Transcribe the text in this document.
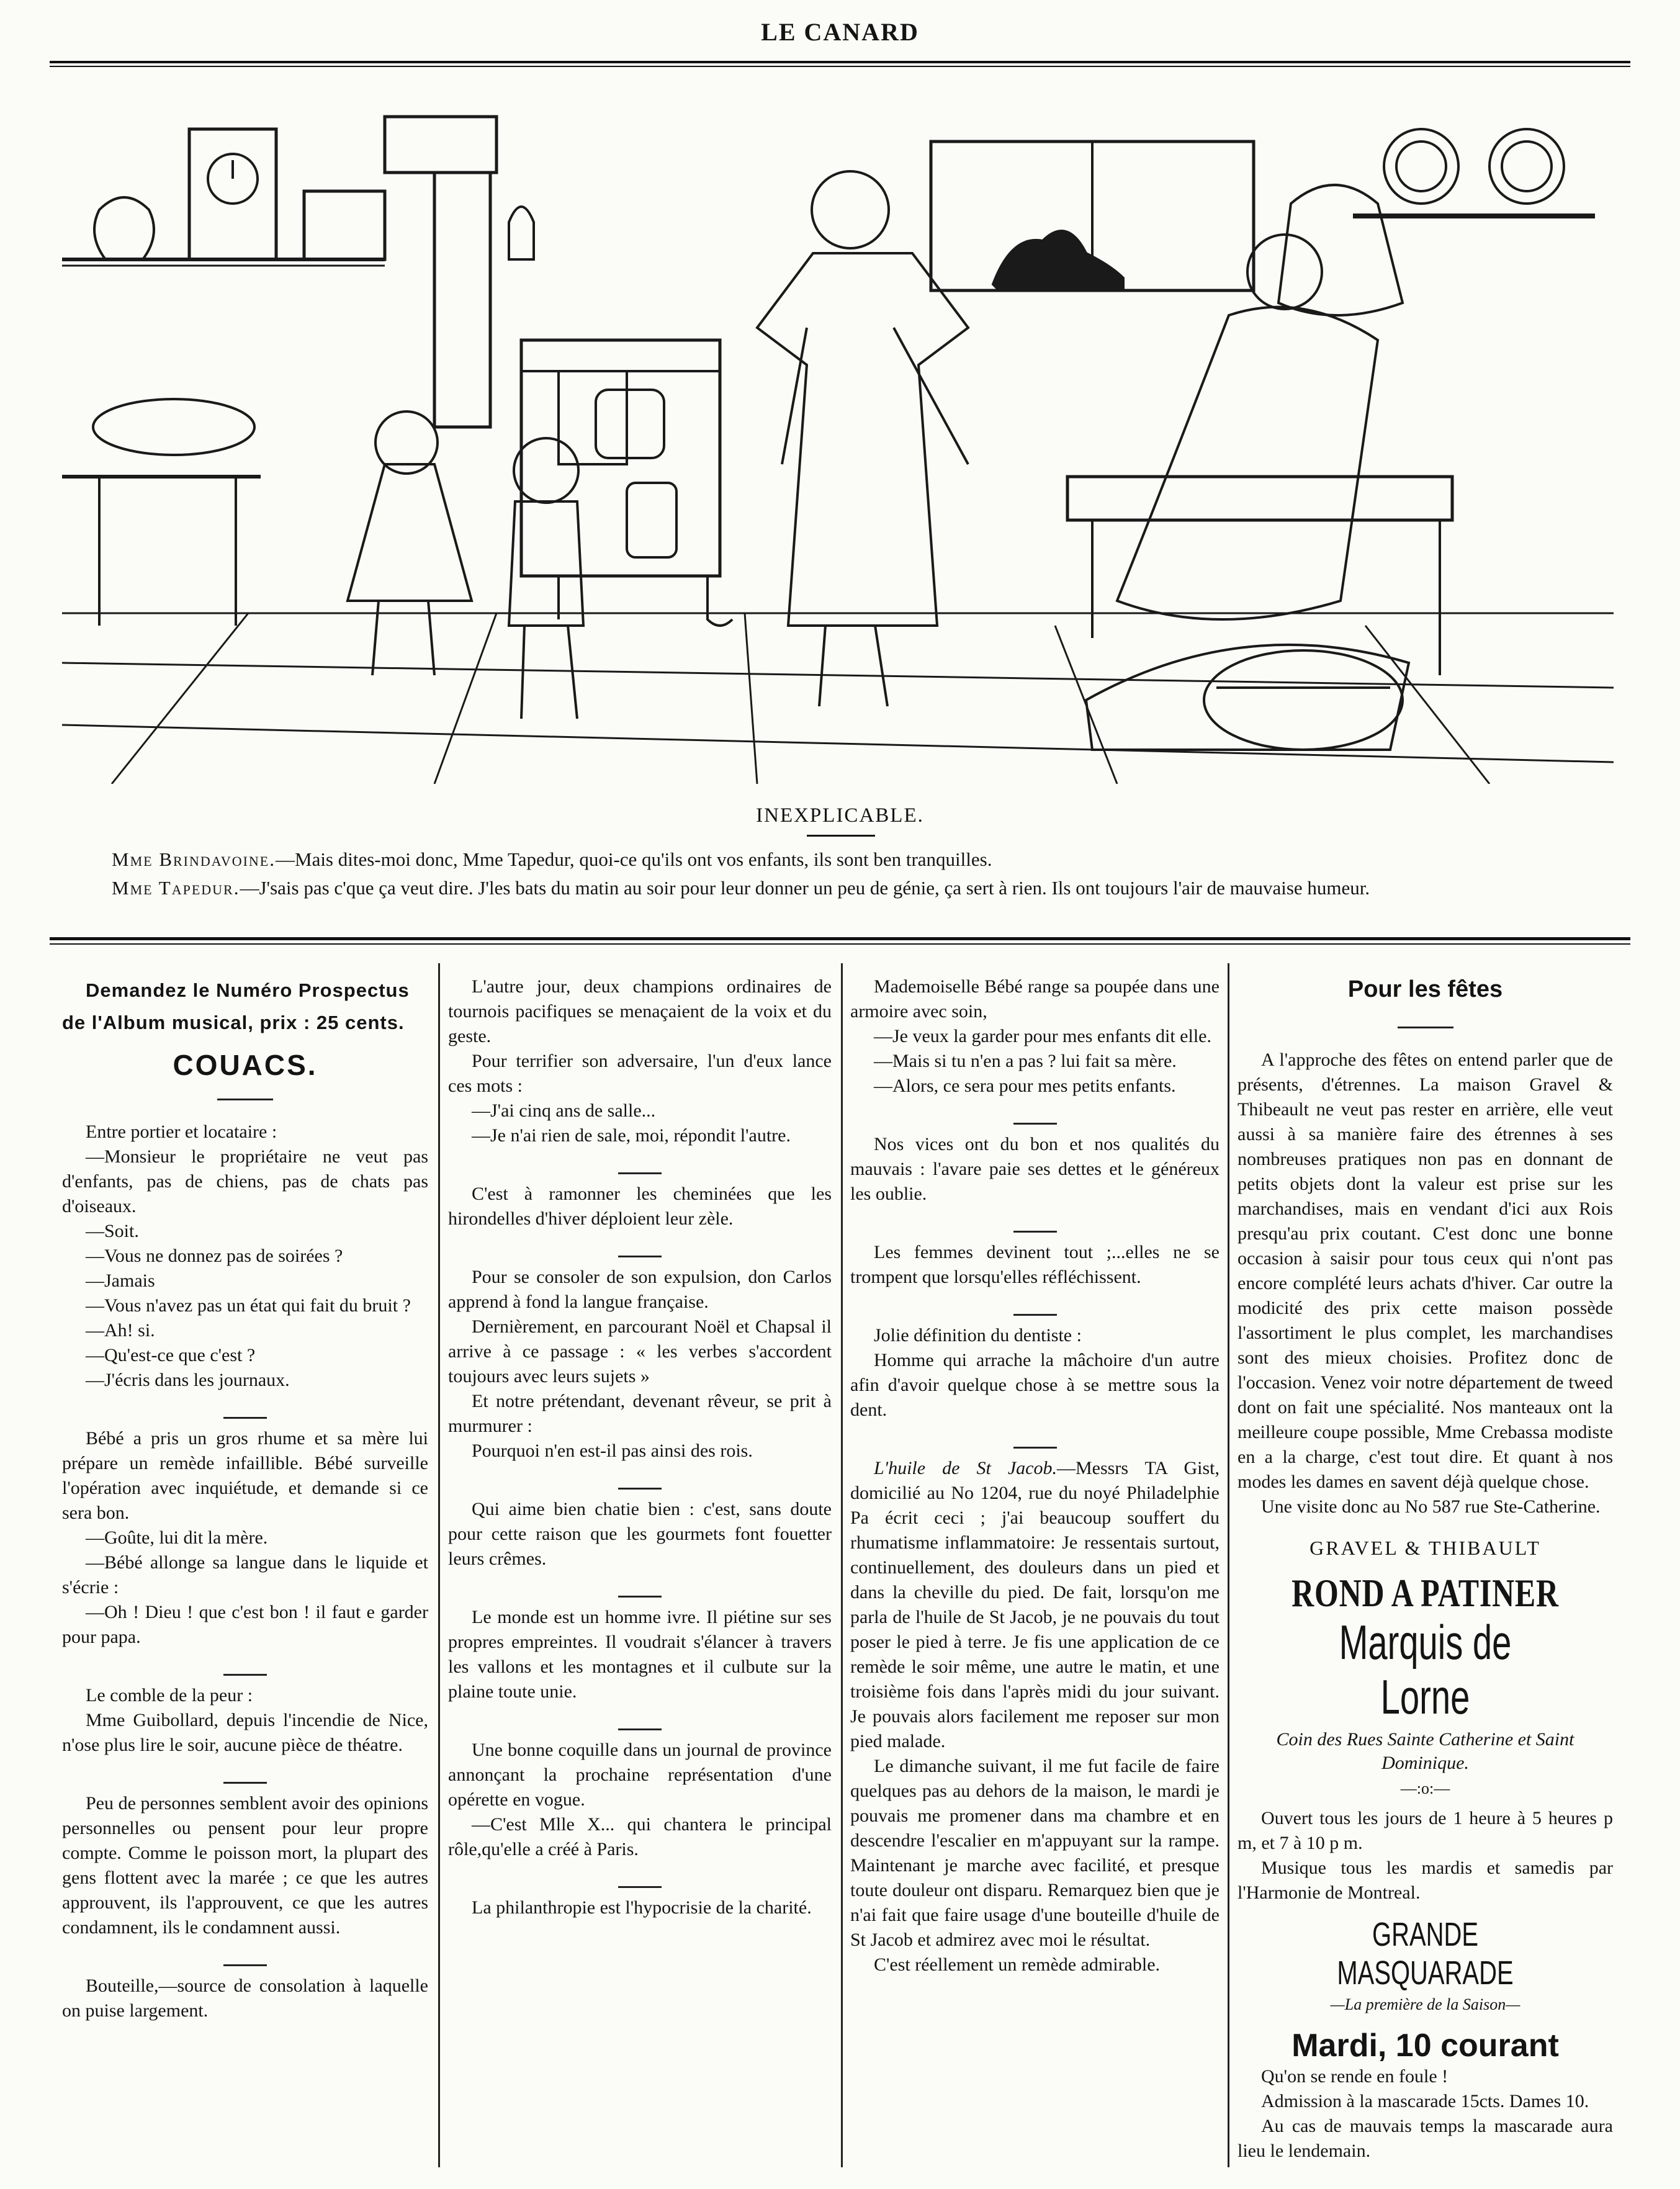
LE CANARD
INEXPLICABLE.

Mme Brindavoine.—Mais dites-moi donc, Mme Tapedur, quoi-ce qu'ils ont vos enfants, ils sont ben tranquilles.

Mme Tapedur.—J'sais pas c'que ça veut dire. J'les bats du matin au soir pour leur donner un peu de génie, ça sert à rien. Ils ont toujours l'air de mauvaise humeur.

Demandez le Numéro Prospectus de l'Album musical, prix : 25 cents.

COUACS.

Entre portier et locataire :

—Monsieur le propriétaire ne veut pas d'enfants, pas de chiens, pas de chats pas d'oiseaux.

—Soit.

—Vous ne donnez pas de soirées ?

—Jamais

—Vous n'avez pas un état qui fait du bruit ?

—Ah! si.

—Qu'est-ce que c'est ?

—J'écris dans les journaux.

Bébé a pris un gros rhume et sa mère lui prépare un remède infaillible. Bébé surveille l'opération avec inquiétude, et demande si ce sera bon.

—Goûte, lui dit la mère.

—Bébé allonge sa langue dans le liquide et s'écrie :

—Oh ! Dieu ! que c'est bon ! il faut e garder pour papa.

Le comble de la peur :

Mme Guibollard, depuis l'incendie de Nice, n'ose plus lire le soir, aucune pièce de théatre.

Peu de personnes semblent avoir des opinions personnelles ou pensent pour leur propre compte. Comme le poisson mort, la plupart des gens flottent avec la marée ; ce que les autres approuvent, ils l'approuvent, ce que les autres condamnent, ils le condamnent aussi.

Bouteille,—source de consolation à laquelle on puise largement.

L'autre jour, deux champions ordinaires de tournois pacifiques se menaçaient de la voix et du geste.

Pour terrifier son adversaire, l'un d'eux lance ces mots :

—J'ai cinq ans de salle...

—Je n'ai rien de sale, moi, répondit l'autre.

C'est à ramonner les cheminées que les hirondelles d'hiver déploient leur zèle.

Pour se consoler de son expulsion, don Carlos apprend à fond la langue française.

Dernièrement, en parcourant Noël et Chapsal il arrive à ce passage : « les verbes s'accordent toujours avec leurs sujets »

Et notre prétendant, devenant rêveur, se prit à murmurer :

Pourquoi n'en est-il pas ainsi des rois.

Qui aime bien chatie bien : c'est, sans doute pour cette raison que les gourmets font fouetter leurs crêmes.

Le monde est un homme ivre. Il piétine sur ses propres empreintes. Il voudrait s'élancer à travers les vallons et les montagnes et il culbute sur la plaine toute unie.

Une bonne coquille dans un journal de province annonçant la prochaine représentation d'une opérette en vogue.

—C'est Mlle X... qui chantera le principal rôle,qu'elle a créé à Paris.

La philanthropie est l'hypocrisie de la charité.

Mademoiselle Bébé range sa poupée dans une armoire avec soin,

—Je veux la garder pour mes enfants dit elle.

—Mais si tu n'en a pas ? lui fait sa mère.

—Alors, ce sera pour mes petits enfants.

Nos vices ont du bon et nos qualités du mauvais : l'avare paie ses dettes et le généreux les oublie.

Les femmes devinent tout ;...elles ne se trompent que lorsqu'elles réfléchissent.

Jolie définition du dentiste :

Homme qui arrache la mâchoire d'un autre afin d'avoir quelque chose à se mettre sous la dent.

L'huile de St Jacob.—Messrs TA Gist, domicilié au No 1204, rue du noyé Philadelphie Pa écrit ceci ; j'ai beaucoup souffert du rhumatisme inflammatoire: Je ressentais surtout, continuellement, des douleurs dans un pied et dans la cheville du pied. De fait, lorsqu'on me parla de l'huile de St Jacob, je ne pouvais du tout poser le pied à terre. Je fis une application de ce remède le soir même, une autre le matin, et une troisième fois dans l'après midi du jour suivant. Je pouvais alors facilement me reposer sur mon pied malade.

Le dimanche suivant, il me fut facile de faire quelques pas au dehors de la maison, le mardi je pouvais me promener dans ma chambre et en descendre l'escalier en m'appuyant sur la rampe. Maintenant je marche avec facilité, et presque toute douleur ont disparu. Remarquez bien que je n'ai fait que faire usage d'une bouteille d'huile de St Jacob et admirez avec moi le résultat.

C'est réellement un remède admirable.

Pour les fêtes

A l'approche des fêtes on entend parler que de présents, d'étrennes. La maison Gravel & Thibeault ne veut pas rester en arrière, elle veut aussi à sa manière faire des étrennes à ses nombreuses pratiques non pas en donnant de petits objets dont la valeur est prise sur les marchandises, mais en vendant d'ici aux Rois presqu'au prix coutant. C'est donc une bonne occasion à saisir pour tous ceux qui n'ont pas encore complété leurs achats d'hiver. Car outre la modicité des prix cette maison possède l'assortiment le plus complet, les marchandises sont des mieux choisies. Profitez donc de l'occasion. Venez voir notre département de tweed dont on fait une spécialité. Nos manteaux ont la meilleure coupe possible, Mme Crebassa modiste en a la charge, c'est tout dire. Et quant à nos modes les dames en savent déjà quelque chose.

Une visite donc au No 587 rue Ste-Catherine.

GRAVEL & THIBAULT
ROND A PATINER
Marquis de Lorne
Coin des Rues Sainte Catherine et Saint Dominique.
—:o:—

Ouvert tous les jours de 1 heure à 5 heures p m, et 7 à 10 p m.

Musique tous les mardis et samedis par l'Harmonie de Montreal.

GRANDE MASQUARADE
—La première de la Saison—
Mardi, 10 courant

Qu'on se rende en foule !

Admission à la mascarade 15cts. Dames 10.

Au cas de mauvais temps la mascarade aura lieu le lendemain.
